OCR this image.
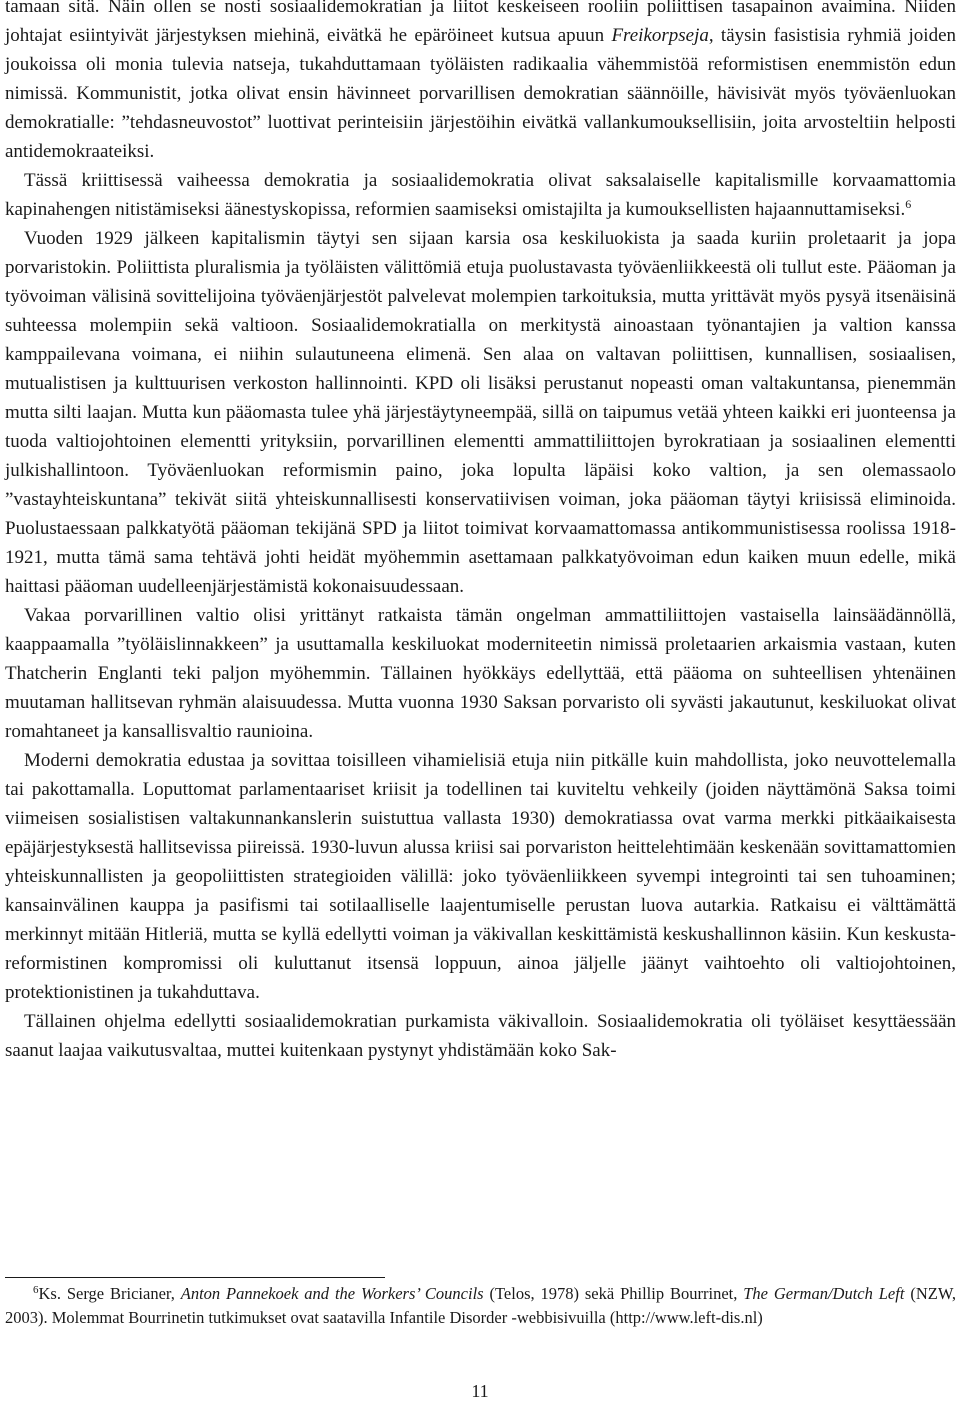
tamaan sitä. Näin ollen se nosti sosiaalidemokratian ja liitot keskeiseen rooliin poliittisen tasapainon avaimina. Niiden johtajat esiintyivät järjestyksen miehinä, eivätkä he epäröineet kutsua apuun Freikorpseja, täysin fasistisia ryhmiä joiden joukoissa oli monia tulevia natseja, tukahduttamaan työläisten radikaalia vähemmistöä reformistisen enemmistön edun nimissä. Kommunistit, jotka olivat ensin hävinneet porvarillisen demokratian säännöille, hävisivät myös työväenluokan demokratialle: ”tehdasneuvostot” luottivat perinteisiin järjestöihin eivätkä vallankumouksellisiin, joita arvosteltiin helposti antidemokraateiksi.

Tässä kriittisessä vaiheessa demokratia ja sosiaalidemokratia olivat saksalaiselle kapitalismille korvaamattomia kapinahengen nitistämiseksi äänestyskopissa, reformien saamiseksi omistajilta ja kumouksellisten hajaannuttamiseksi.$^6$

Vuoden 1929 jälkeen kapitalismin täytyi sen sijaan karsia osa keskiluokista ja saada kuriin proletaarit ja jopa porvaristokin. Poliittista pluralismia ja työläisten välittömiä etuja puolustavasta työväenliikkeestä oli tullut este. Pääoman ja työvoiman välisinä sovittelijoina työväenjärjestöt palvelevat molempien tarkoituksia, mutta yrittävät myös pysyä itsenäisinä suhteessa molempiin sekä valtioon. Sosiaalidemokratialla on merkitystä ainoastaan työnantajien ja valtion kanssa kamppailevana voimana, ei niihin sulautuneena elimenä. Sen alaa on valtavan poliittisen, kunnallisen, sosiaalisen, mutualistisen ja kulttuurisen verkoston hallinnointi. KPD oli lisäksi perustanut nopeasti oman valtakuntansa, pienemmän mutta silti laajan. Mutta kun pääomasta tulee yhä järjestäytyneempää, sillä on taipumus vetää yhteen kaikki eri juonteensa ja tuoda valtiojohtoinen elementti yrityksiin, porvarillinen elementti ammattiliittojen byrokratiaan ja sosiaalinen elementti julkishallintoon. Työväenluokan reformismin paino, joka lopulta läpäisi koko valtion, ja sen olemassaolo ”vastayhteiskuntana” tekivät siitä yhteiskunnallisesti konservatiivisen voiman, joka pääoman täytyi kriisissä eliminoida. Puolustaessaan palkkatyötä pääoman tekijänä SPD ja liitot toimivat korvaamattomassa antikommunistisessa roolissa 1918-1921, mutta tämä sama tehtävä johti heidät myöhemmin asettamaan palkkatyövoiman edun kaiken muun edelle, mikä haittasi pääoman uudelleenjärjestämistä kokonaisuudessaan.

Vakaa porvarillinen valtio olisi yrittänyt ratkaista tämän ongelman ammattiliittojen vastaisella lainsäädännöllä, kaappaamalla ”työläislinnakkeen” ja usuttamalla keskiluokat moderniteetin nimissä proletaarien arkaismia vastaan, kuten Thatcherin Englanti teki paljon myöhemmin. Tällainen hyökkäys edellyttää, että pääoma on suhteellisen yhtenäinen muutaman hallitsevan ryhmän alaisuudessa. Mutta vuonna 1930 Saksan porvaristo oli syvästi jakautunut, keskiluokat olivat romahtaneet ja kansallisvaltio raunioina.

Moderni demokratia edustaa ja sovittaa toisilleen vihamielisiä etuja niin pitkälle kuin mahdollista, joko neuvottelemalla tai pakottamalla. Loputtomat parlamentaariset kriisit ja todellinen tai kuviteltu vehkeily (joiden näyttämönä Saksa toimi viimeisen sosialistisen valtakunnankanslerin suistuttua vallasta 1930) demokratiassa ovat varma merkki pitkäaikaisesta epäjärjestyksestä hallitsevissa piireissä. 1930-luvun alussa kriisi sai porvariston heittelehtimään keskenään sovittamattomien yhteiskunnallisten ja geopoliittisten strategioiden välillä: joko työväenliikkeen syvempi integrointi tai sen tuhoaminen; kansainvälinen kauppa ja pasifismi tai sotilaalliselle laajentumiselle perustan luova autarkia. Ratkaisu ei välttämättä merkinnyt mitään Hitleriä, mutta se kyllä edellytti voiman ja väkivallan keskittämistä keskushallinnon käsiin. Kun keskusta-reformistinen kompromissi oli kuluttanut itsensä loppuun, ainoa jäljelle jäänyt vaihtoehto oli valtiojohtoinen, protektionistinen ja tukahduttava.

Tällainen ohjelma edellytti sosiaalidemokratian purkamista väkivalloin. Sosiaalidemokratia oli työläiset kesyttäessään saanut laajaa vaikutusvaltaa, muttei kuitenkaan pystynyt yhdistämään koko Sak-

$^6$Ks. Serge Bricianer, Anton Pannekoek and the Workers’ Councils (Telos, 1978) sekä Phillip Bourrinet, The German/Dutch Left (NZW, 2003). Molemmat Bourrinetin tutkimukset ovat saatavilla Infantile Disorder -webbisivuilla (http://www.left-dis.nl)
11
